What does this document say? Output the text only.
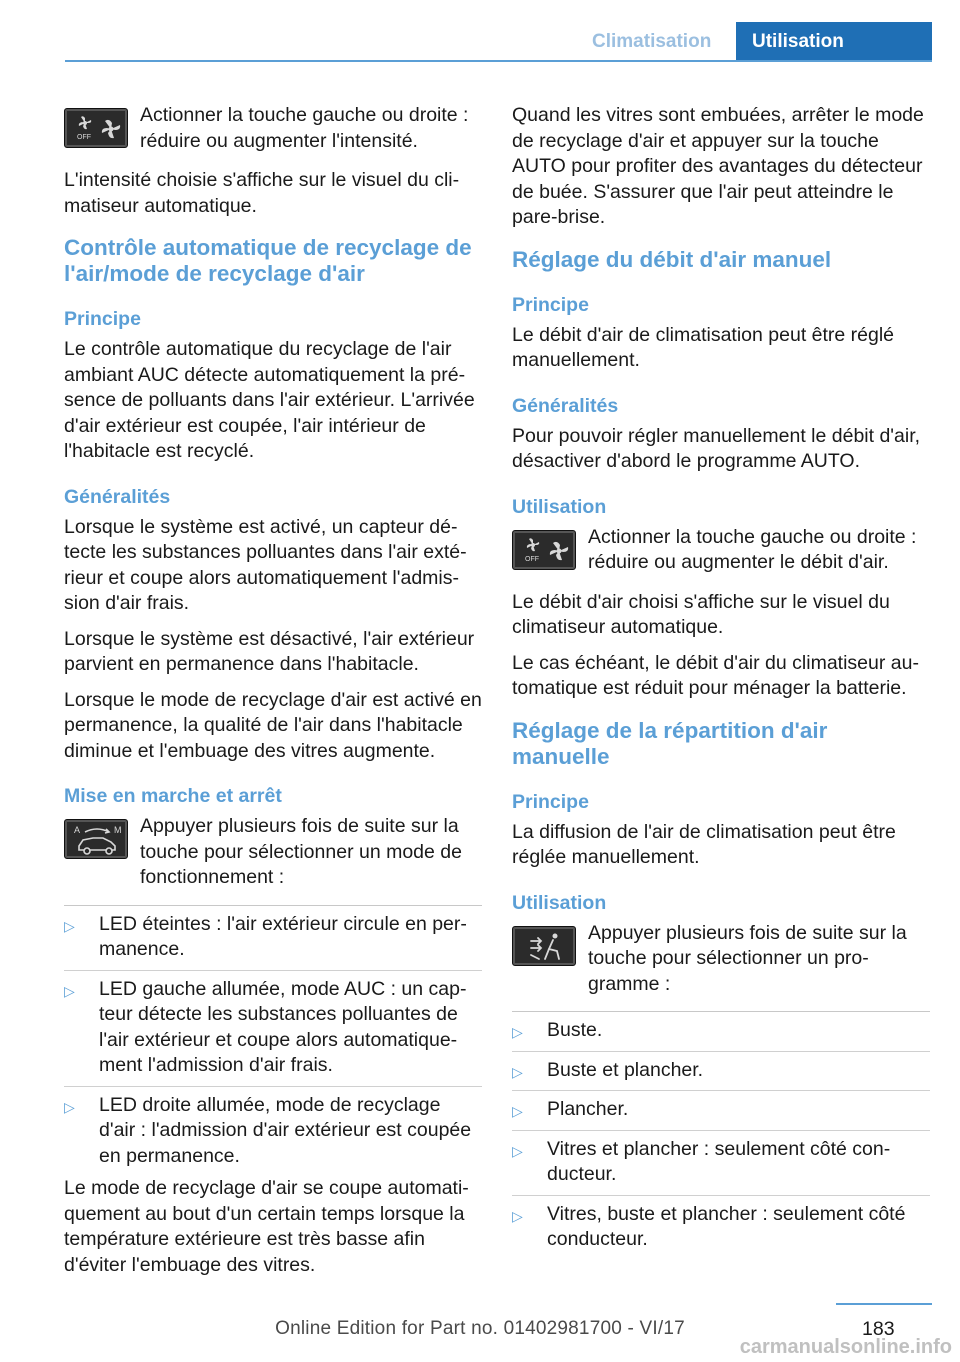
Climatisation	Utilisation
OFF
Actionner la touche gauche ou droite : réduire ou augmenter l'intensité.

L'intensité choisie s'affiche sur le visuel du climatiseur automatique.

Contrôle automatique de recyclage de l'air/mode de recyclage d'air
Principe

Le contrôle automatique du recyclage de l'air ambiant AUC détecte automatiquement la présence de polluants dans l'air extérieur. L'arrivée d'air extérieur est coupée, l'air intérieur de l'habitacle est recyclé.

Généralités

Lorsque le système est activé, un capteur détecte les substances polluantes dans l'air extérieur et coupe alors automatiquement l'admission d'air frais.

Lorsque le système est désactivé, l'air extérieur parvient en permanence dans l'habitacle.

Lorsque le mode de recyclage d'air est activé en permanence, la qualité de l'air dans l'habitacle diminue et l'embuage des vitres augmente.

Mise en marche et arrêt
A	M Appuyer plusieurs fois de suite sur la touche pour sélectionner un mode de fonctionnement :
▷ LED éteintes : l'air extérieur circule en permanence.
▷ LED gauche allumée, mode AUC : un capteur détecte les substances polluantes de l'air extérieur et coupe alors automatiquement l'admission d'air frais.
▷ LED droite allumée, mode de recyclage d'air : l'admission d'air extérieur est coupée en permanence.

Le mode de recyclage d'air se coupe automatiquement au bout d'un certain temps lorsque la température extérieure est très basse afin d'éviter l'embuage des vitres.

Quand les vitres sont embuées, arrêter le mode de recyclage d'air et appuyer sur la touche AUTO pour profiter des avantages du détecteur de buée. S'assurer que l'air peut atteindre le pare-brise.

Réglage du débit d'air manuel
Principe

Le débit d'air de climatisation peut être réglé manuellement.

Généralités

Pour pouvoir régler manuellement le débit d'air, désactiver d'abord le programme AUTO.

Utilisation
OFF
Actionner la touche gauche ou droite : réduire ou augmenter le débit d'air.

Le débit d'air choisi s'affiche sur le visuel du climatiseur automatique.

Le cas échéant, le débit d'air du climatiseur automatique est réduit pour ménager la batterie.

Réglage de la répartition d'air manuelle
Principe

La diffusion de l'air de climatisation peut être réglée manuellement.

Utilisation
Appuyer plusieurs fois de suite sur la touche pour sélectionner un programme :
▷ Buste.
▷ Buste et plancher.
▷ Plancher.
▷ Vitres et plancher : seulement côté conducteur.
▷ Vitres, buste et plancher : seulement côté conducteur.
183
Online Edition for Part no. 01402981700 - VI/17
carmanualsonline.info
